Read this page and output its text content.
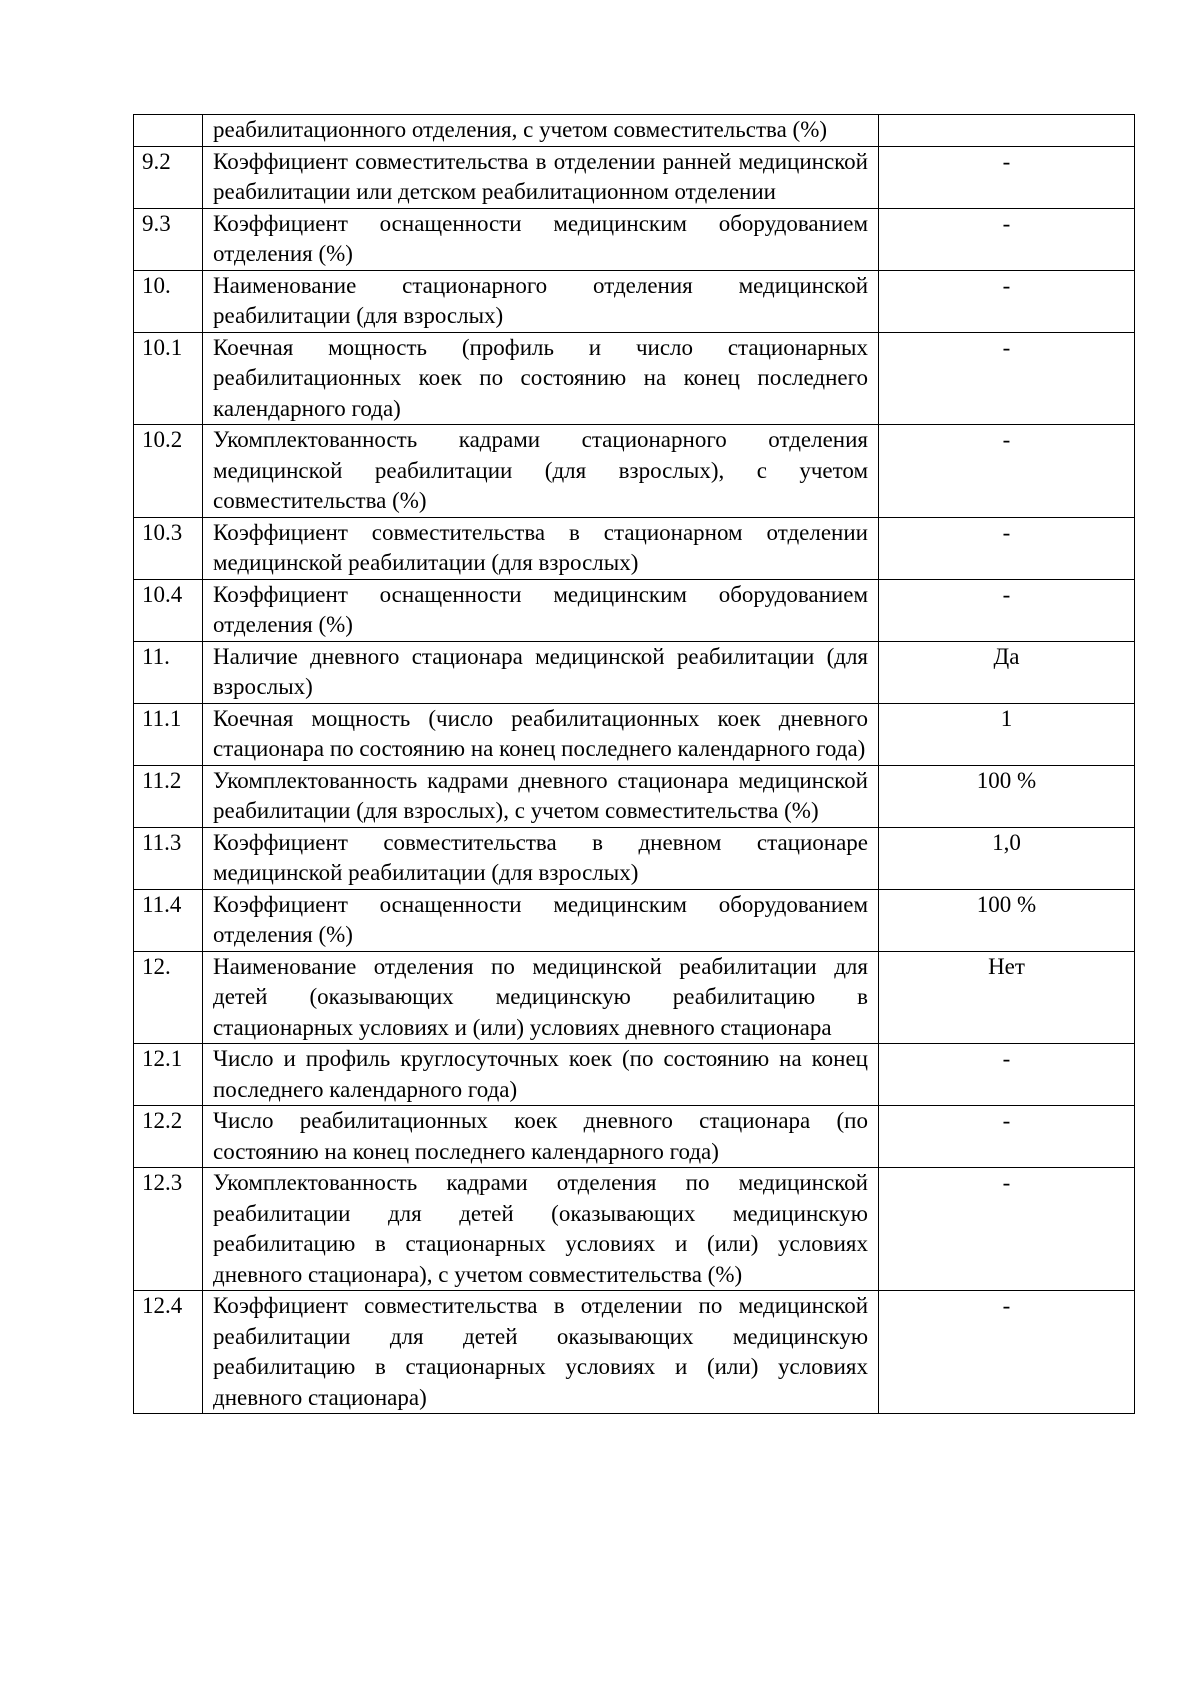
	реабилитационного отделения, с учетом совместительства (%)	
9.2	Коэффициент совместительства в отделении ранней медицинской реабилитации или детском реабилитационном отделении	-
9.3	Коэффициент оснащенности медицинским оборудованием отделения (%)	-
10.	Наименование стационарного отделения медицинской реабилитации (для взрослых)	-
10.1	Коечная мощность (профиль и число стационарных реабилитационных коек по состоянию на конец последнего календарного года)	-
10.2	Укомплектованность кадрами стационарного отделения медицинской реабилитации (для взрослых), с учетом совместительства (%)	-
10.3	Коэффициент совместительства в стационарном отделении медицинской реабилитации (для взрослых)	-
10.4	Коэффициент оснащенности медицинским оборудованием отделения (%)	-
11.	Наличие дневного стационара медицинской реабилитации (для взрослых)	Да
11.1	Коечная мощность (число реабилитационных коек дневного стационара по состоянию на конец последнего календарного года)	1
11.2	Укомплектованность кадрами дневного стационара медицинской реабилитации (для взрослых), с учетом совместительства (%)	100 %
11.3	Коэффициент совместительства в дневном стационаре медицинской реабилитации (для взрослых)	1,0
11.4	Коэффициент оснащенности медицинским оборудованием отделения (%)	100 %
12.	Наименование отделения по медицинской реабилитации для детей (оказывающих медицинскую реабилитацию в стационарных условиях и (или) условиях дневного стационара	Нет
12.1	Число и профиль круглосуточных коек (по состоянию на конец последнего календарного года)	-
12.2	Число реабилитационных коек дневного стационара (по состоянию на конец последнего календарного года)	-
12.3	Укомплектованность кадрами отделения по медицинской реабилитации для детей (оказывающих медицинскую реабилитацию в стационарных условиях и (или) условиях дневного стационара), с учетом совместительства (%)	-
12.4	Коэффициент совместительства в отделении по медицинской реабилитации для детей оказывающих медицинскую реабилитацию в стационарных условиях и (или) условиях дневного стационара)	-
